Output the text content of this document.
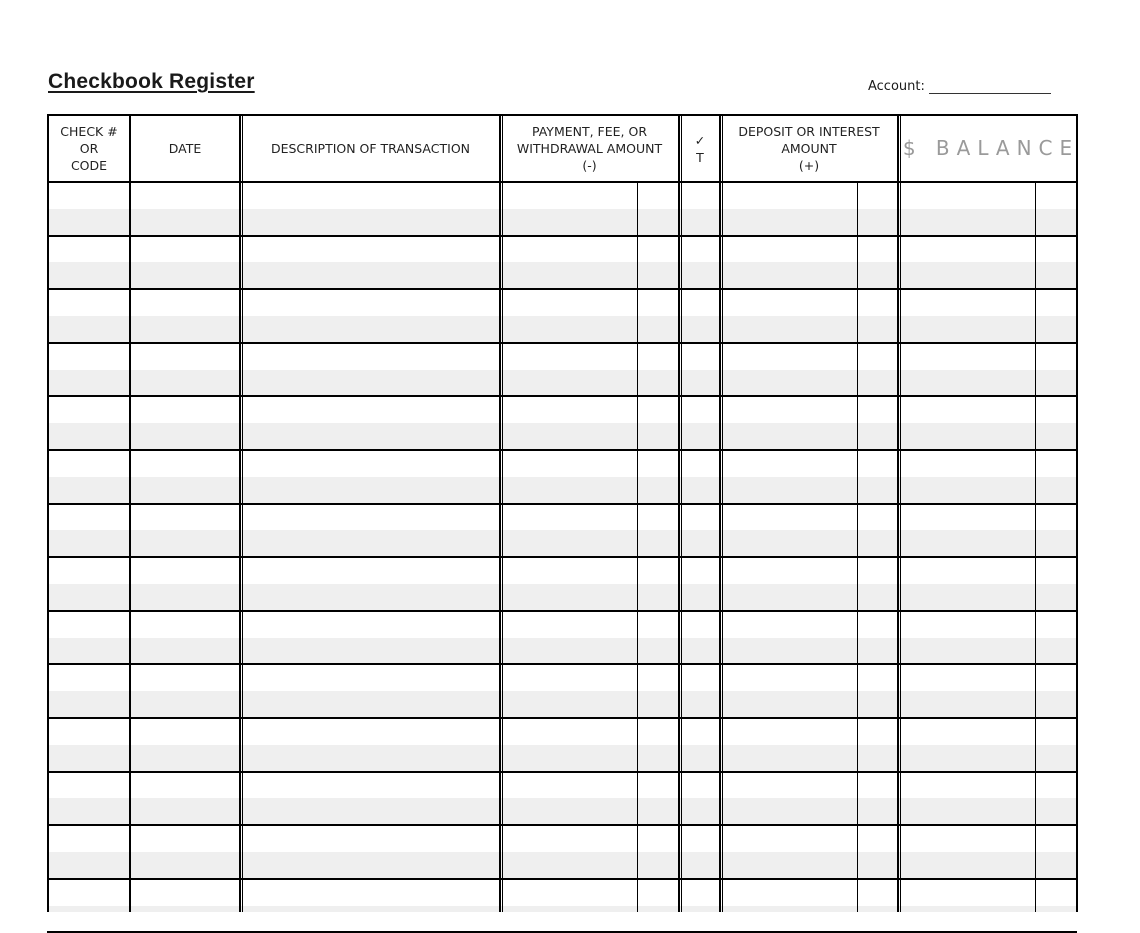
Checkbook Register	Account:
CHECK #
OR
CODE
DATE	DESCRIPTION OF TRANSACTION
PAYMENT, FEE, OR
WITHDRAWAL AMOUNT
(-)
✓
T
DEPOSIT OR INTEREST
AMOUNT
(+)
$ BALANCE
